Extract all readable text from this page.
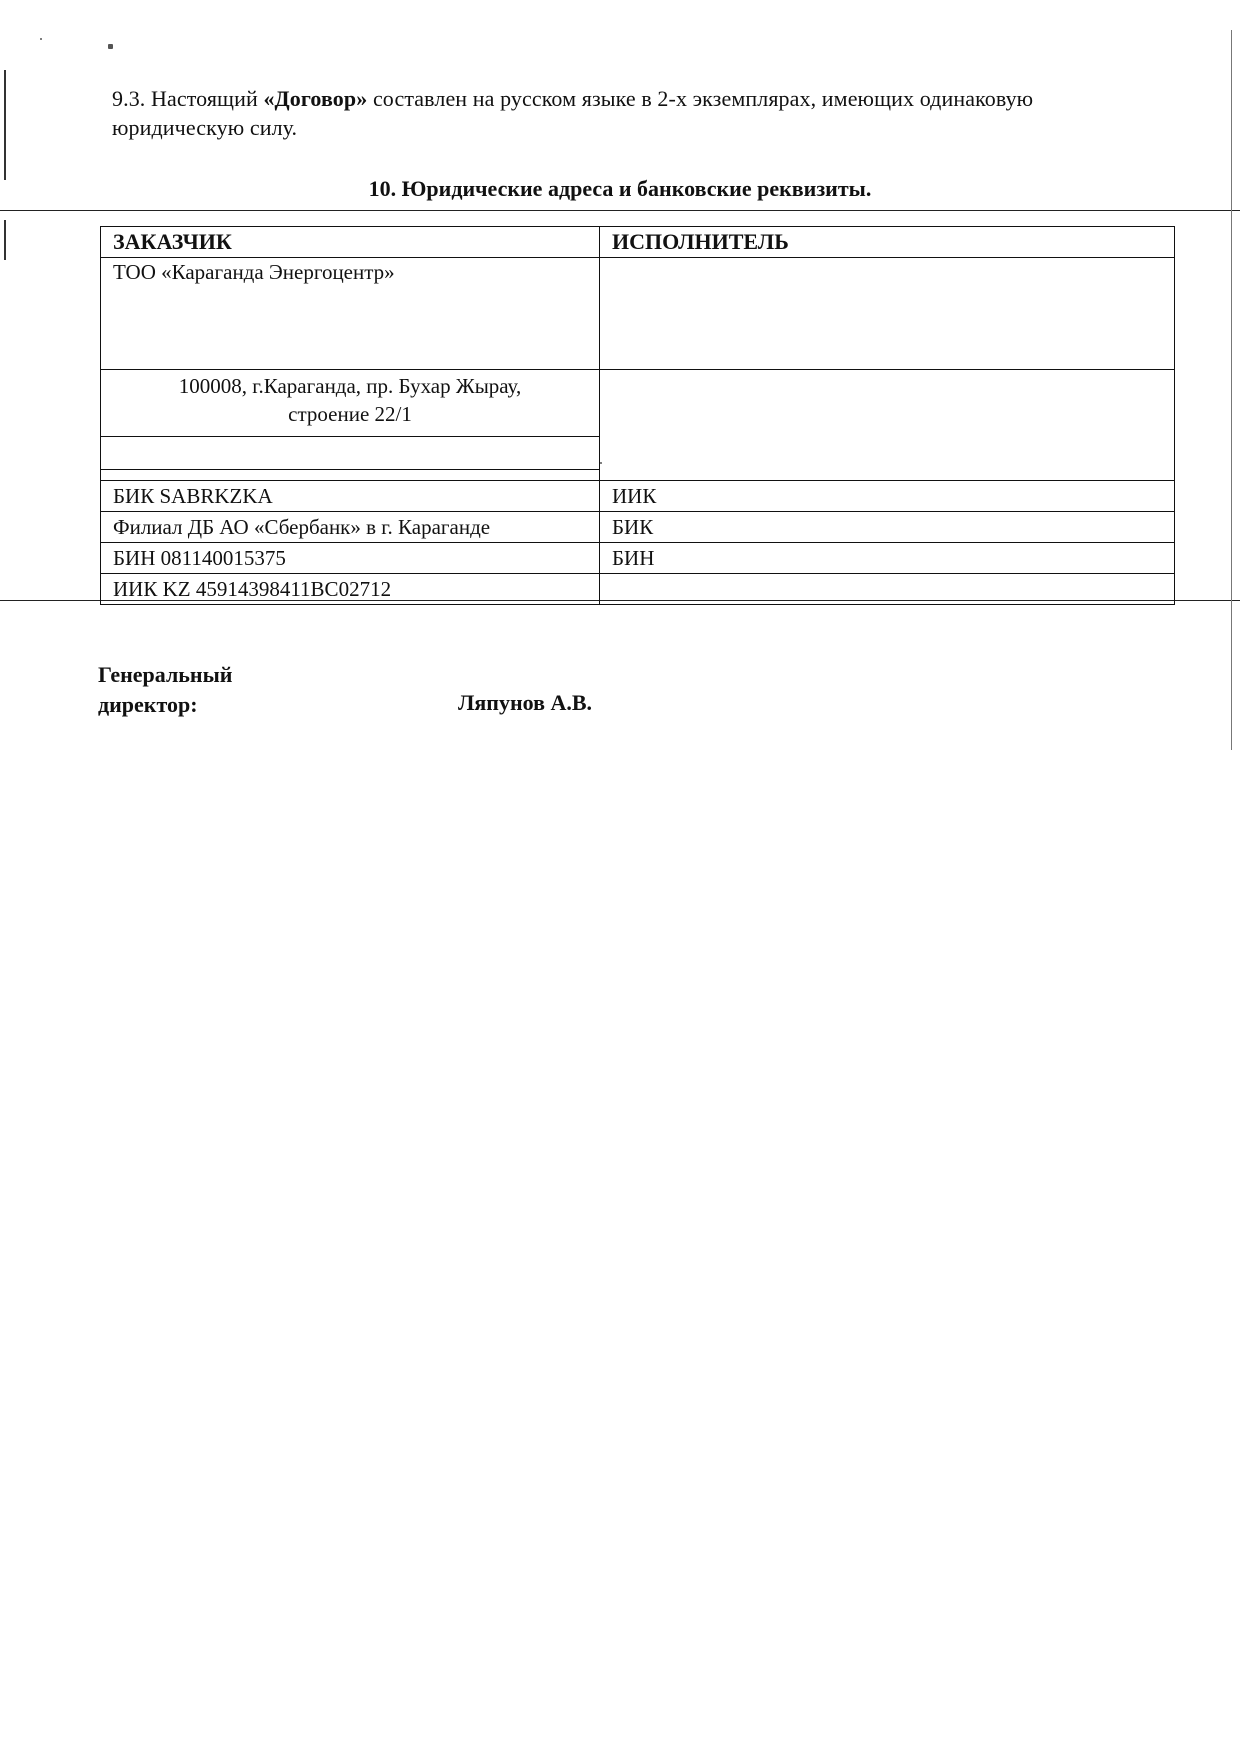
9.3. Настоящий «Договор» составлен на русском языке в 2-х экземплярах, имеющих одинаковую юридическую силу.
10. Юридические адреса и банковские реквизиты.
ЗАКАЗЧИК	ИСПОЛНИТЕЛЬ
ТОО «Караганда Энергоцентр»	

100008, г.Караганда, пр. Бухар Жырау,
строение 22/1	

БИК SABRKZKA	ИИК
Филиал ДБ АО «Сбербанк» в г. Караганде	БИК
БИН 081140015375	БИН
ИИК KZ 45914398411BC02712	
Генеральный
директор:	Ляпунов А.В.
